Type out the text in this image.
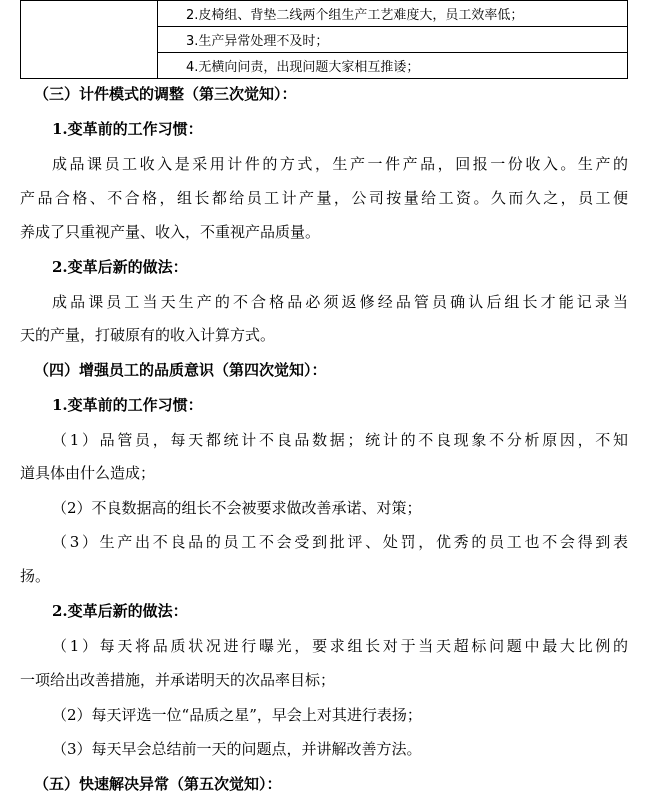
	2.皮椅组、背垫二线两个组生产工艺难度大，员工效率低；
3.生产异常处理不及时；
4.无横向问责，出现问题大家相互推诿；
（三）计件模式的调整（第三次觉知）：
1.变革前的工作习惯：
成品课员工收入是采用计件的方式，生产一件产品，回报一份收入。生产的
产品合格、不合格，组长都给员工计产量，公司按量给工资。久而久之，员工便
养成了只重视产量、收入，不重视产品质量。
2.变革后新的做法：
成品课员工当天生产的不合格品必须返修经品管员确认后组长才能记录当
天的产量，打破原有的收入计算方式。
（四）增强员工的品质意识（第四次觉知）：
1.变革前的工作习惯：
（1）品管员，每天都统计不良品数据；统计的不良现象不分析原因，不知
道具体由什么造成；
（2）不良数据高的组长不会被要求做改善承诺、对策；
（3）生产出不良品的员工不会受到批评、处罚，优秀的员工也不会得到表
扬。
2.变革后新的做法：
（1）每天将品质状况进行曝光，要求组长对于当天超标问题中最大比例的
一项给出改善措施，并承诺明天的次品率目标；
（2）每天评选一位“品质之星”，早会上对其进行表扬；
（3）每天早会总结前一天的问题点，并讲解改善方法。
（五）快速解决异常（第五次觉知）：
